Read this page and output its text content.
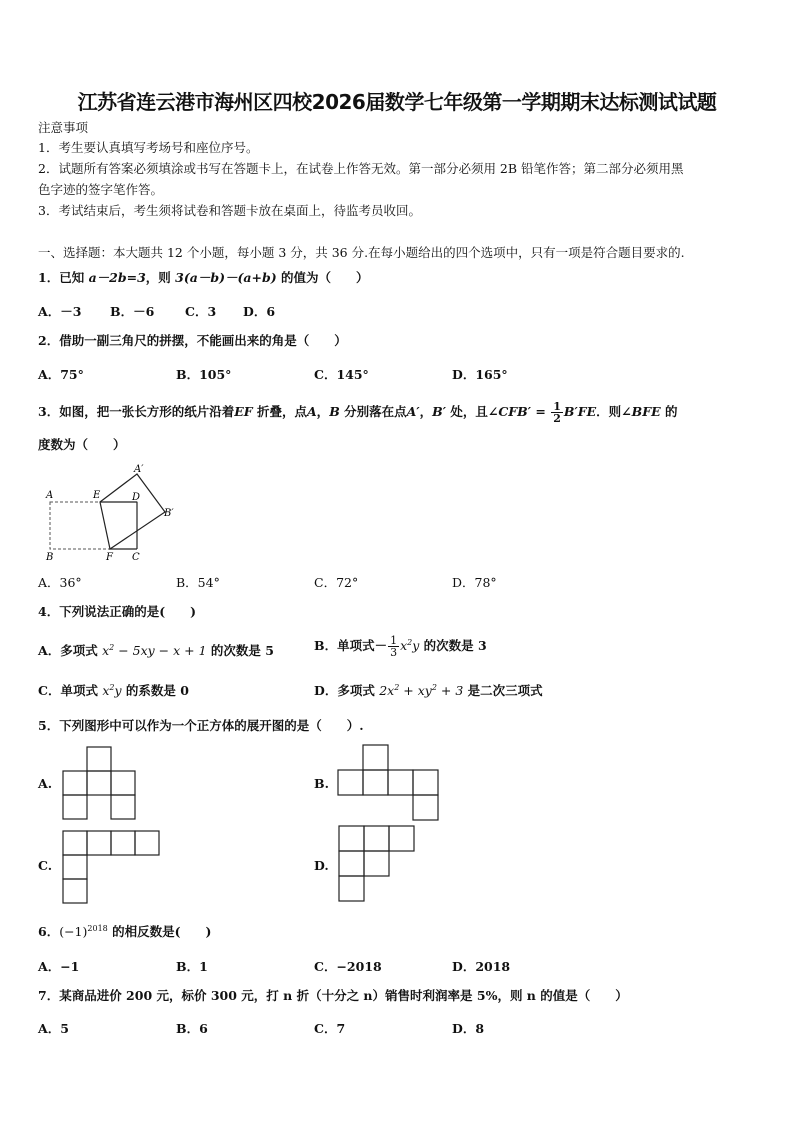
江苏省连云港市海州区四校2026届数学七年级第一学期期末达标测试试题
注意事项
1．考生要认真填写考场号和座位序号。
2．试题所有答案必须填涂或书写在答题卡上，在试卷上作答无效。第一部分必须用 2B 铅笔作答；第二部分必须用黑
色字迹的签字笔作答。
3．考试结束后，考生须将试卷和答题卡放在桌面上，待监考员收回。
一、选择题：本大题共 12 个小题，每小题 3 分，共 36 分.在每小题给出的四个选项中，只有一项是符合题目要求的.
1．已知 a－2b=3，则 3(a－b)－(a+b) 的值为（　　）
A．－3 B．－6 C．3 D．6
2．借助一副三角尺的拼摆，不能画出来的角是（　　）
A．75°	B．105°	C．145°	D．165°
3．如图，把一张长方形的纸片沿着EF 折叠，点A，B 分别落在点A′，B′ 处，且∠CFB′ = $\frac{1}{2} B'FE$．则∠BFE 的
度数为（　　）
A
A′
E	D
B′
B	F C
A．36°	B．54°	C．72°	D．78°
4．下列说法正确的是(　　)
A．多项式 $x^2 - 5xy - x + 1$ 的次数是 5	B．单项式－ $\frac{1}{3} x^2y$ 的次数是 3
C．单项式 $x^2y$ 的系数是 0	D．多项式 $2x^2 + xy^2 + 3$ 是二次三项式
5．下列图形中可以作为一个正方体的展开图的是（　　）.
A.	B.
C.	D.
6．$(-1)^{2018}$ 的相反数是(　　)
A．−1	B．1	C．−2018	D．2018
7．某商品进价 200 元，标价 300 元，打 n 折（十分之 n）销售时利润率是 5%，则 n 的值是（　　）
A．5	B．6	C．7	D．8
